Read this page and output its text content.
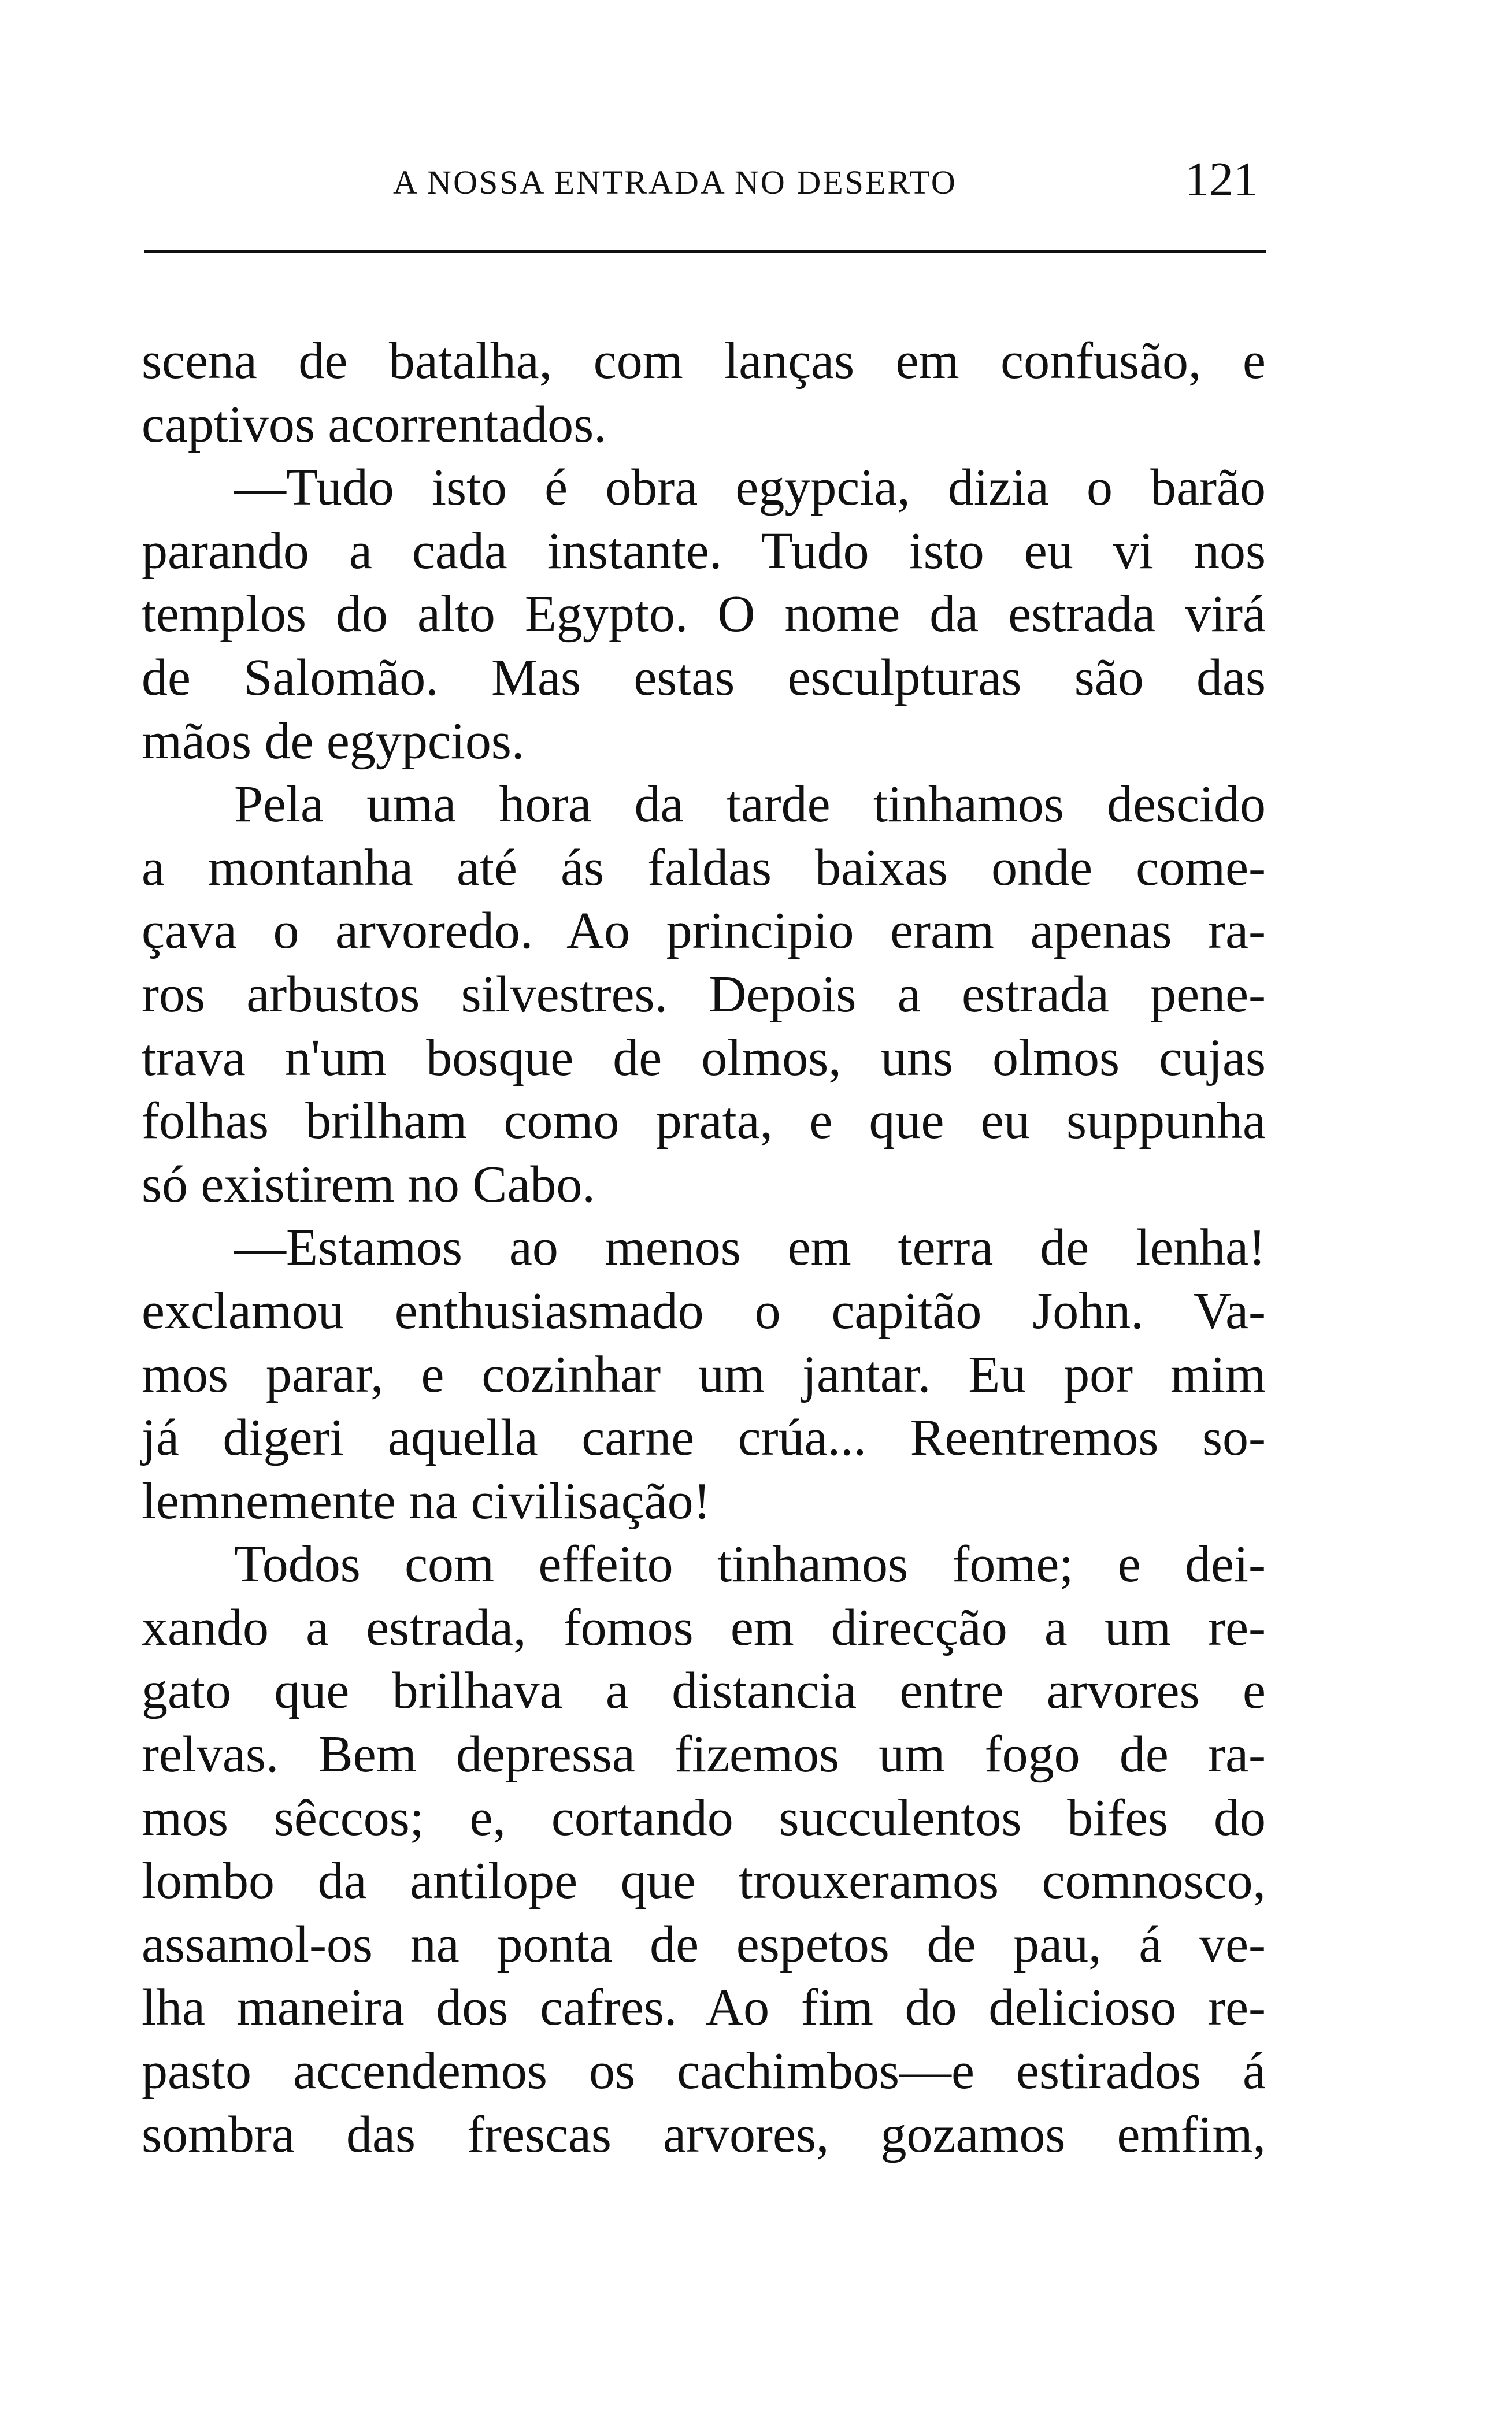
A NOSSA ENTRADA NO DESERTO	121
scena de batalha, com lanças em confusão, e
captivos acorrentados.
—Tudo isto é obra egypcia, dizia o barão
parando a cada instante. Tudo isto eu vi nos
templos do alto Egypto. O nome da estrada virá
de Salomão. Mas estas esculpturas são das
mãos de egypcios.
Pela uma hora da tarde tinhamos descido
a montanha até ás faldas baixas onde come-
çava o arvoredo. Ao principio eram apenas ra-
ros arbustos silvestres. Depois a estrada pene-
trava n'um bosque de olmos, uns olmos cujas
folhas brilham como prata, e que eu suppunha
só existirem no Cabo.
—Estamos ao menos em terra de lenha!
exclamou enthusiasmado o capitão John. Va-
mos parar, e cozinhar um jantar. Eu por mim
já digeri aquella carne crúa... Reentremos so-
lemnemente na civilisação!
Todos com effeito tinhamos fome; e dei-
xando a estrada, fomos em direcção a um re-
gato que brilhava a distancia entre arvores e
relvas. Bem depressa fizemos um fogo de ra-
mos sêccos; e, cortando succulentos bifes do
lombo da antilope que trouxeramos comnosco,
assamol-os na ponta de espetos de pau, á ve-
lha maneira dos cafres. Ao fim do delicioso re-
pasto accendemos os cachimbos—e estirados á
sombra das frescas arvores, gozamos emfim,
